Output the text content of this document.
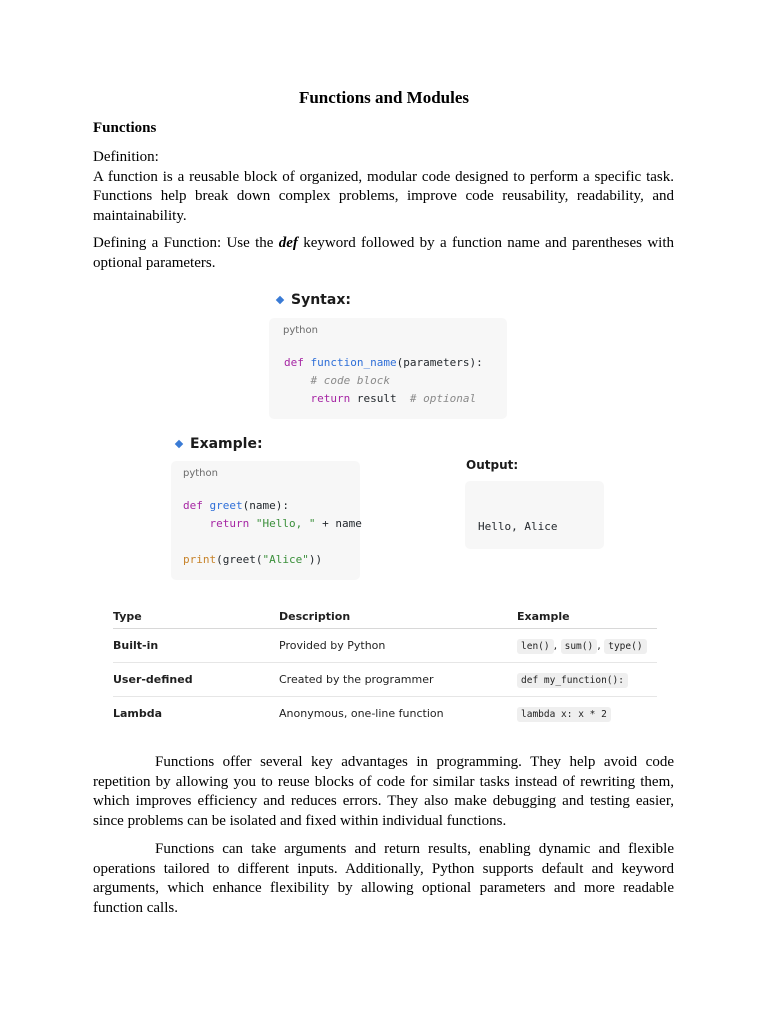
Functions and Modules
Functions

Definition:

A function is a reusable block of organized, modular code designed to perform a specific task. Functions help break down complex problems, improve code reusability, readability, and maintainability.

Defining a Function: Use the def keyword followed by a function name and parentheses with optional parameters.

Syntax:
python
def function_name(parameters):
# code block
return result # optional
Example:
python
def greet(name):
return "Hello, " + name

print(greet("Alice"))
Output:
Hello, Alice
Type	Description	Example
Built-in	Provided by Python	len() , sum() , type()
User-defined	Created by the programmer	def my_function():
Lambda	Anonymous, one-line function	lambda x: x * 2

Functions offer several key advantages in programming. They help avoid code repetition by allowing you to reuse blocks of code for similar tasks instead of rewriting them, which improves efficiency and reduces errors. They also make debugging and testing easier, since problems can be isolated and fixed within individual functions.

Functions can take arguments and return results, enabling dynamic and flexible operations tailored to different inputs. Additionally, Python supports default and keyword arguments, which enhance flexibility by allowing optional parameters and more readable function calls.
